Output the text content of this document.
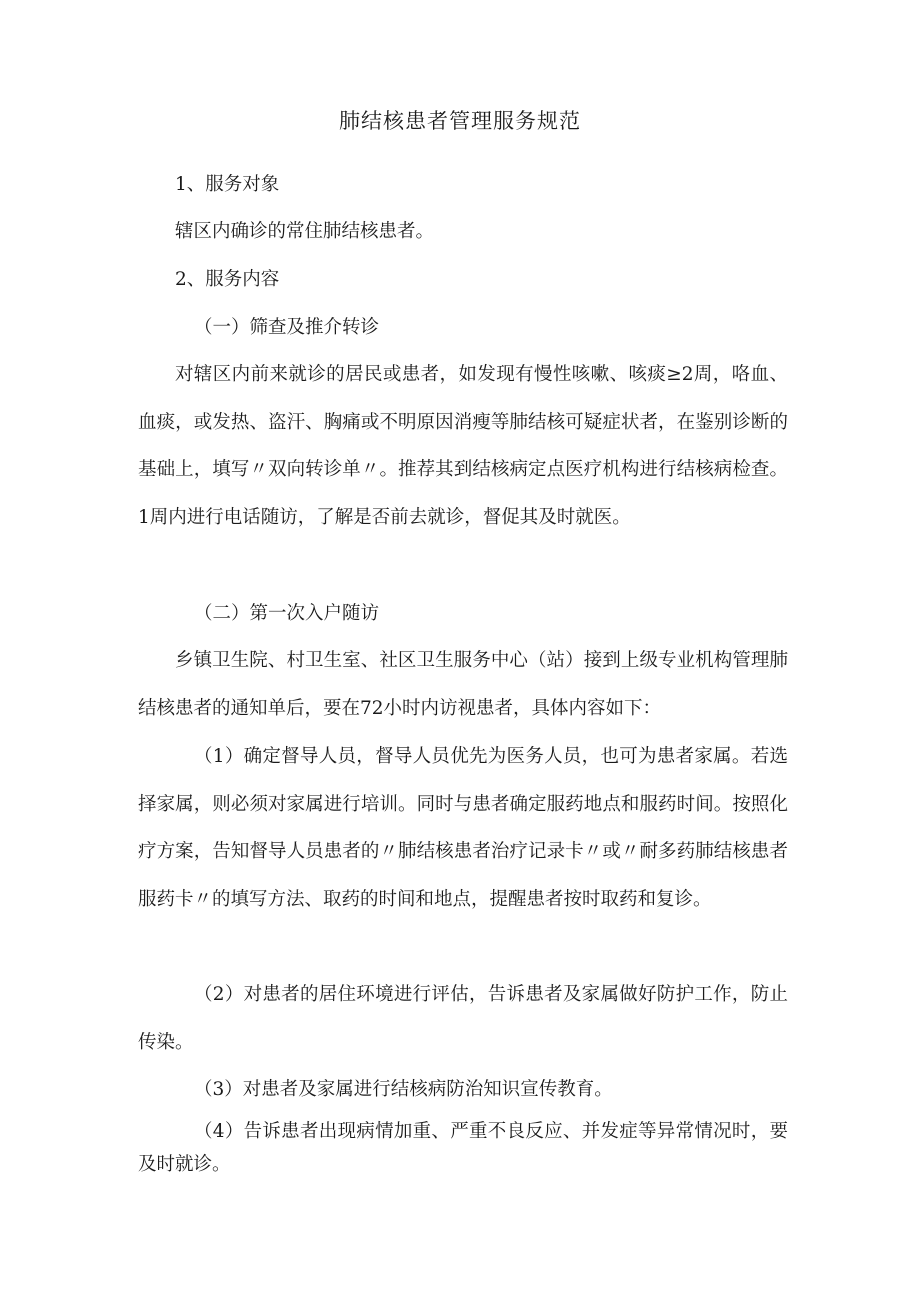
肺结核患者管理服务规范

1、服务对象

辖区内确诊的常住肺结核患者。

2、服务内容

（一）筛查及推介转诊

对辖区内前来就诊的居民或患者，如发现有慢性咳嗽、咳痰≥2周，咯血、血痰，或发热、盗汗、胸痛或不明原因消瘦等肺结核可疑症状者，在鉴别诊断的基础上，填写〃双向转诊单〃。推荐其到结核病定点医疗机构进行结核病检查。1周内进行电话随访，了解是否前去就诊，督促其及时就医。

（二）第一次入户随访

乡镇卫生院、村卫生室、社区卫生服务中心（站）接到上级专业机构管理肺结核患者的通知单后，要在72小时内访视患者，具体内容如下：

（1）确定督导人员，督导人员优先为医务人员，也可为患者家属。若选择家属，则必须对家属进行培训。同时与患者确定服药地点和服药时间。按照化疗方案，告知督导人员患者的〃肺结核患者治疗记录卡〃或〃耐多药肺结核患者服药卡〃的填写方法、取药的时间和地点，提醒患者按时取药和复诊。

（2）对患者的居住环境进行评估，告诉患者及家属做好防护工作，防止传染。

（3）对患者及家属进行结核病防治知识宣传教育。

（4）告诉患者出现病情加重、严重不良反应、并发症等异常情况时，要及时就诊。
